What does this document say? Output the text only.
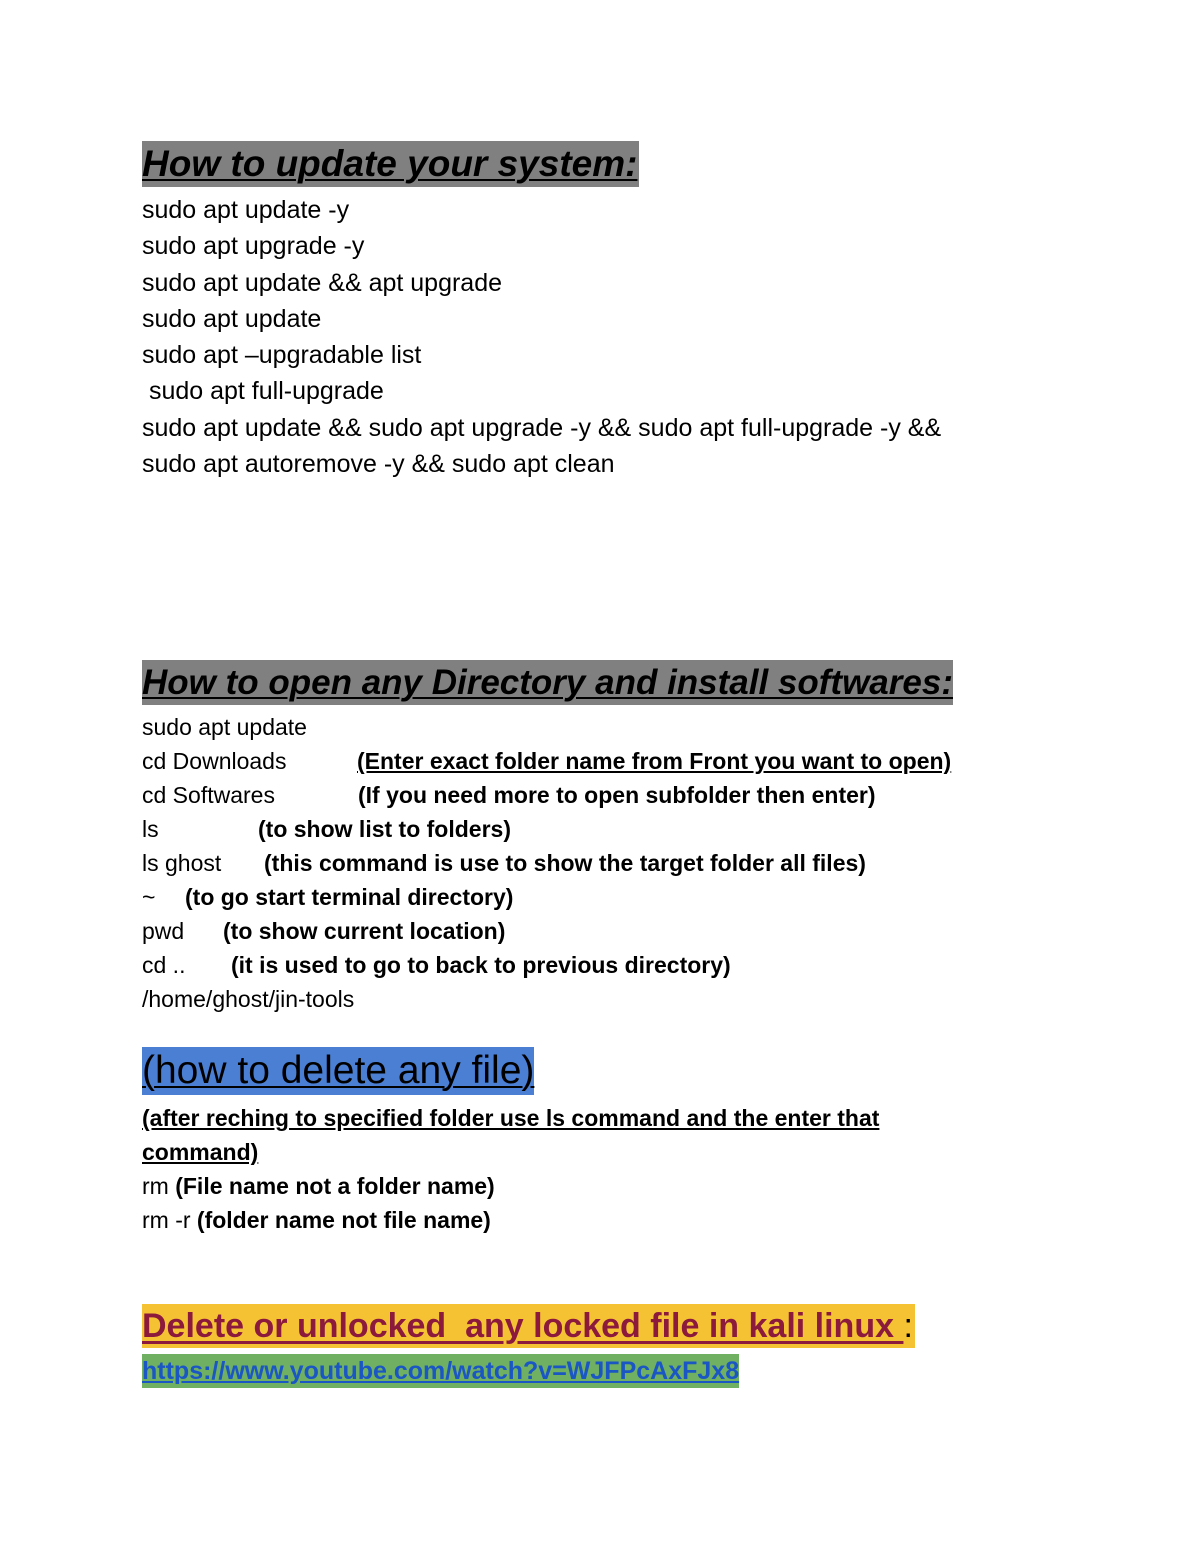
How to update your system:
sudo apt update -y
sudo apt upgrade -y
sudo apt update && apt upgrade
sudo apt update
sudo apt –upgradable list
sudo apt full-upgrade
sudo apt update && sudo apt upgrade -y && sudo apt full-upgrade -y &&
sudo apt autoremove -y && sudo apt clean
How to open any Directory and install softwares:
sudo apt update
cd Downloads	(Enter exact folder name from Front you want to open)
cd Softwares	(If you need more to open subfolder then enter)
ls	(to show list to folders)
ls ghost (this command is use to show the target folder all files)
~ (to go start terminal directory)
pwd (to show current location)
cd .. (it is used to go to back to previous directory)
/home/ghost/jin-tools
(how to delete any file)
(after reching to specified folder use ls command and the enter that
command)
rm (File name not a folder name)
rm -r (folder name not file name)
Delete or unlocked  any locked file in kali linux :
https://www.youtube.com/watch?v=WJFPcAxFJx8
